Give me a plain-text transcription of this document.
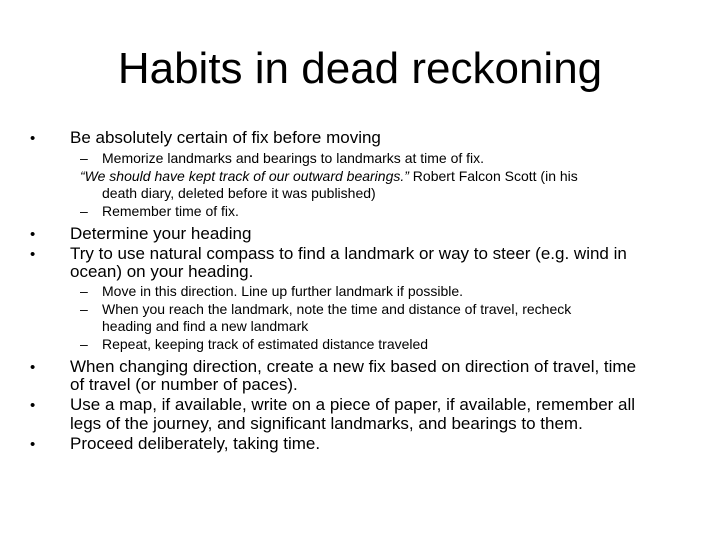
Habits in dead reckoning
• Be absolutely certain of fix before moving
– Memorize landmarks and bearings to landmarks at time of fix.
“We should have kept track of our outward bearings.” Robert Falcon Scott (in his
death diary, deleted before it was published)
– Remember time of fix.
• Determine your heading
• Try to use natural compass to find a landmark or way to steer (e.g. wind in
ocean) on your heading.
– Move in this direction. Line up further landmark if possible.
– When you reach the landmark, note the time and distance of travel, recheck
heading and find a new landmark
– Repeat, keeping track of estimated distance traveled
• When changing direction, create a new fix based on direction of travel, time
of travel (or number of paces).
• Use a map, if available, write on a piece of paper, if available, remember all
legs of the journey, and significant landmarks, and bearings to them.
• Proceed deliberately, taking time.
